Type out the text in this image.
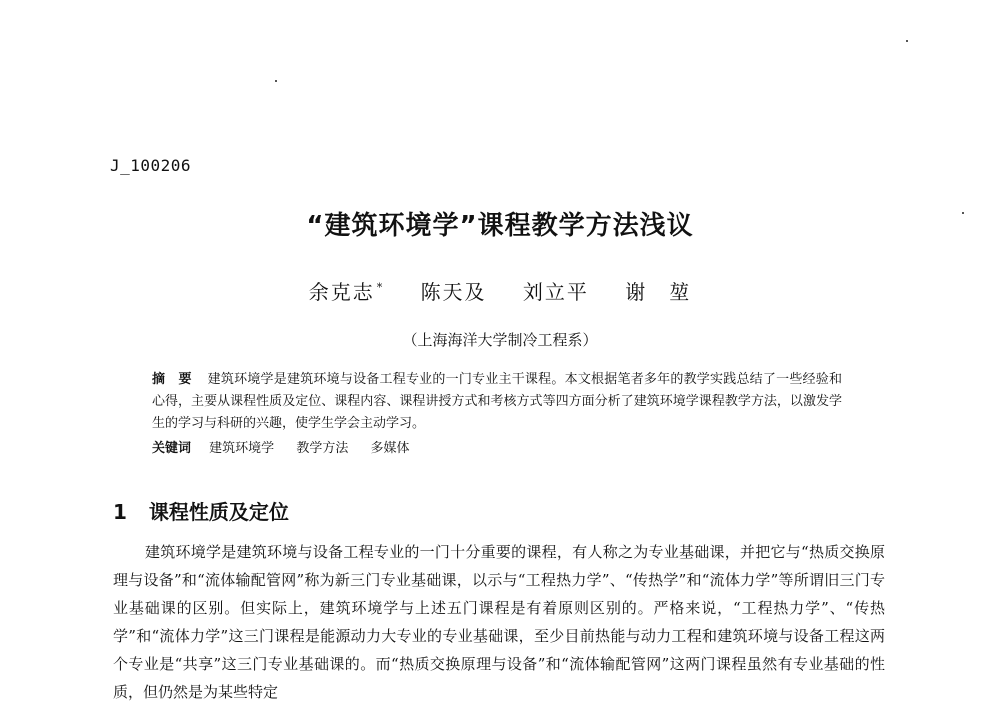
J_100206
“建筑环境学”课程教学方法浅议
余克志 * 陈天及 刘立平 谢　堃
（上海海洋大学制冷工程系）
摘　要 建筑环境学是建筑环境与设备工程专业的一门专业主干课程。本文根据笔者多年的教学实践总结了一些经验和心得，主要从课程性质及定位、课程内容、课程讲授方式和考核方式等四方面分析了建筑环境学课程教学方法，以激发学生的学习与科研的兴趣，使学生学会主动学习。
关键词 建筑环境学 教学方法 多媒体
1 课程性质及定位

建筑环境学是建筑环境与设备工程专业的一门十分重要的课程，有人称之为专业基础课，并把它与“热质交换原理与设备”和“流体输配管网”称为新三门专业基础课，以示与“工程热力学”、“传热学”和“流体力学”等所谓旧三门专业基础课的区别。但实际上，建筑环境学与上述五门课程是有着原则区别的。严格来说，“工程热力学”、“传热学”和“流体力学”这三门课程是能源动力大专业的专业基础课，至少目前热能与动力工程和建筑环境与设备工程这两个专业是“共享”这三门专业基础课的。而“热质交换原理与设备”和“流体输配管网”这两门课程虽然有专业基础的性质，但仍然是为某些特定
